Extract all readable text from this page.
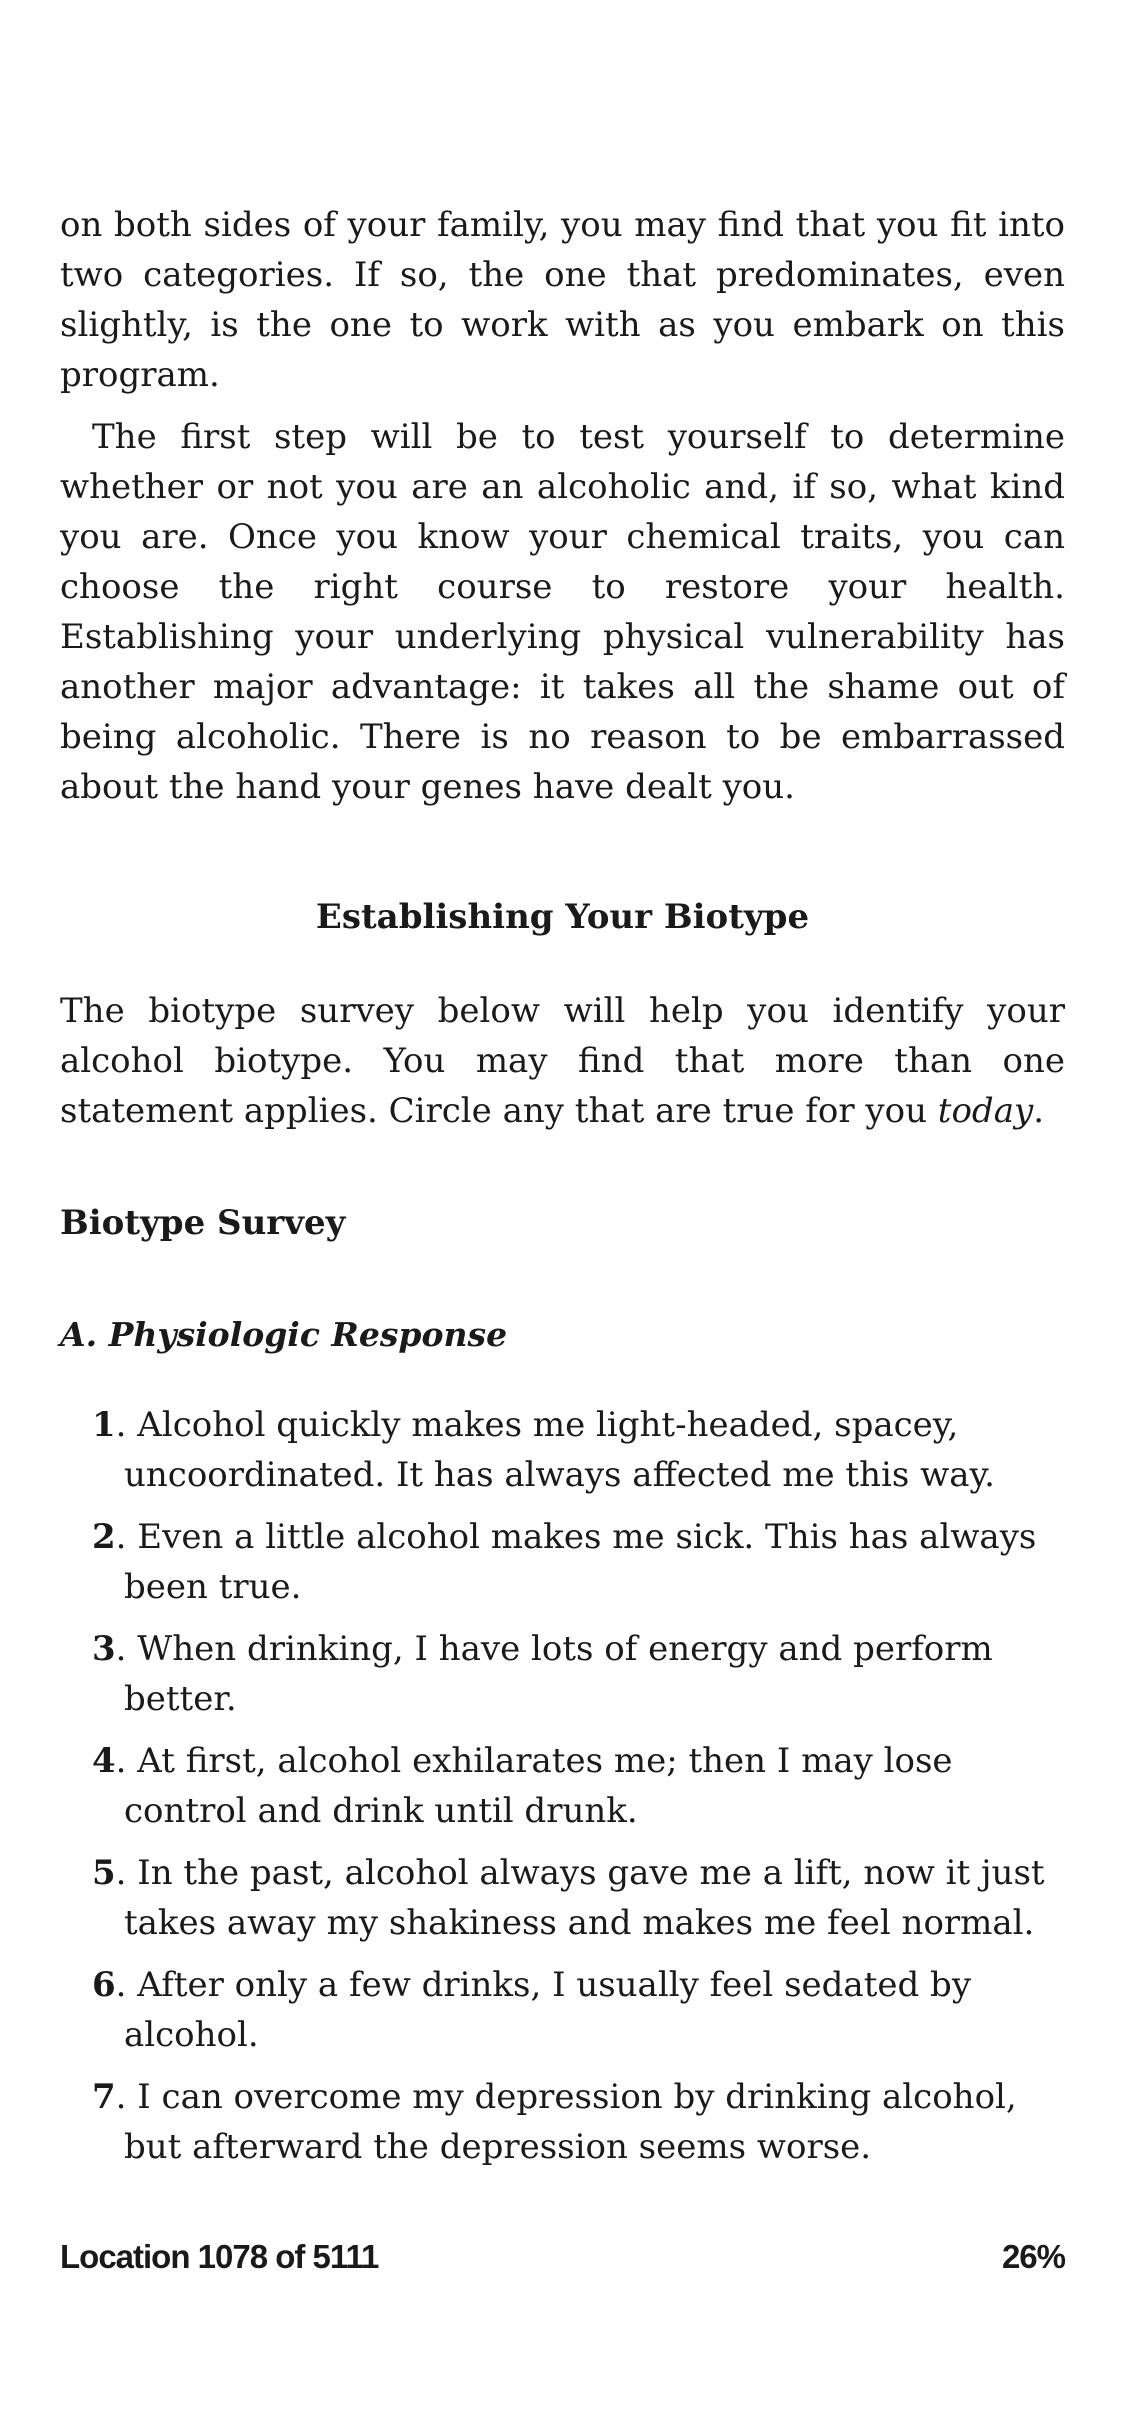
on both sides of your family, you may find that you fit into two categories. If so, the one that predominates, even slightly, is the one to work with as you embark on this program.

The first step will be to test yourself to determine whether or not you are an alcoholic and, if so, what kind you are. Once you know your chemical traits, you can choose the right course to restore your health. Establishing your underlying physical vulnerability has another major advantage: it takes all the shame out of being alcoholic. There is no reason to be embarrassed about the hand your genes have dealt you.

Establishing Your Biotype

The biotype survey below will help you identify your alcohol biotype. You may find that more than one statement applies. Circle any that are true for you today.

Biotype Survey
A. Physiologic Response
1. Alcohol quickly makes me light-headed, spacey, uncoordinated. It has always affected me this way.
2. Even a little alcohol makes me sick. This has always been true.
3. When drinking, I have lots of energy and perform better.
4. At first, alcohol exhilarates me; then I may lose control and drink until drunk.
5. In the past, alcohol always gave me a lift, now it just takes away my shakiness and makes me feel normal.
6. After only a few drinks, I usually feel sedated by alcohol.
7. I can overcome my depression by drinking alcohol, but afterward the depression seems worse.
Location 1078 of 5111	26%
